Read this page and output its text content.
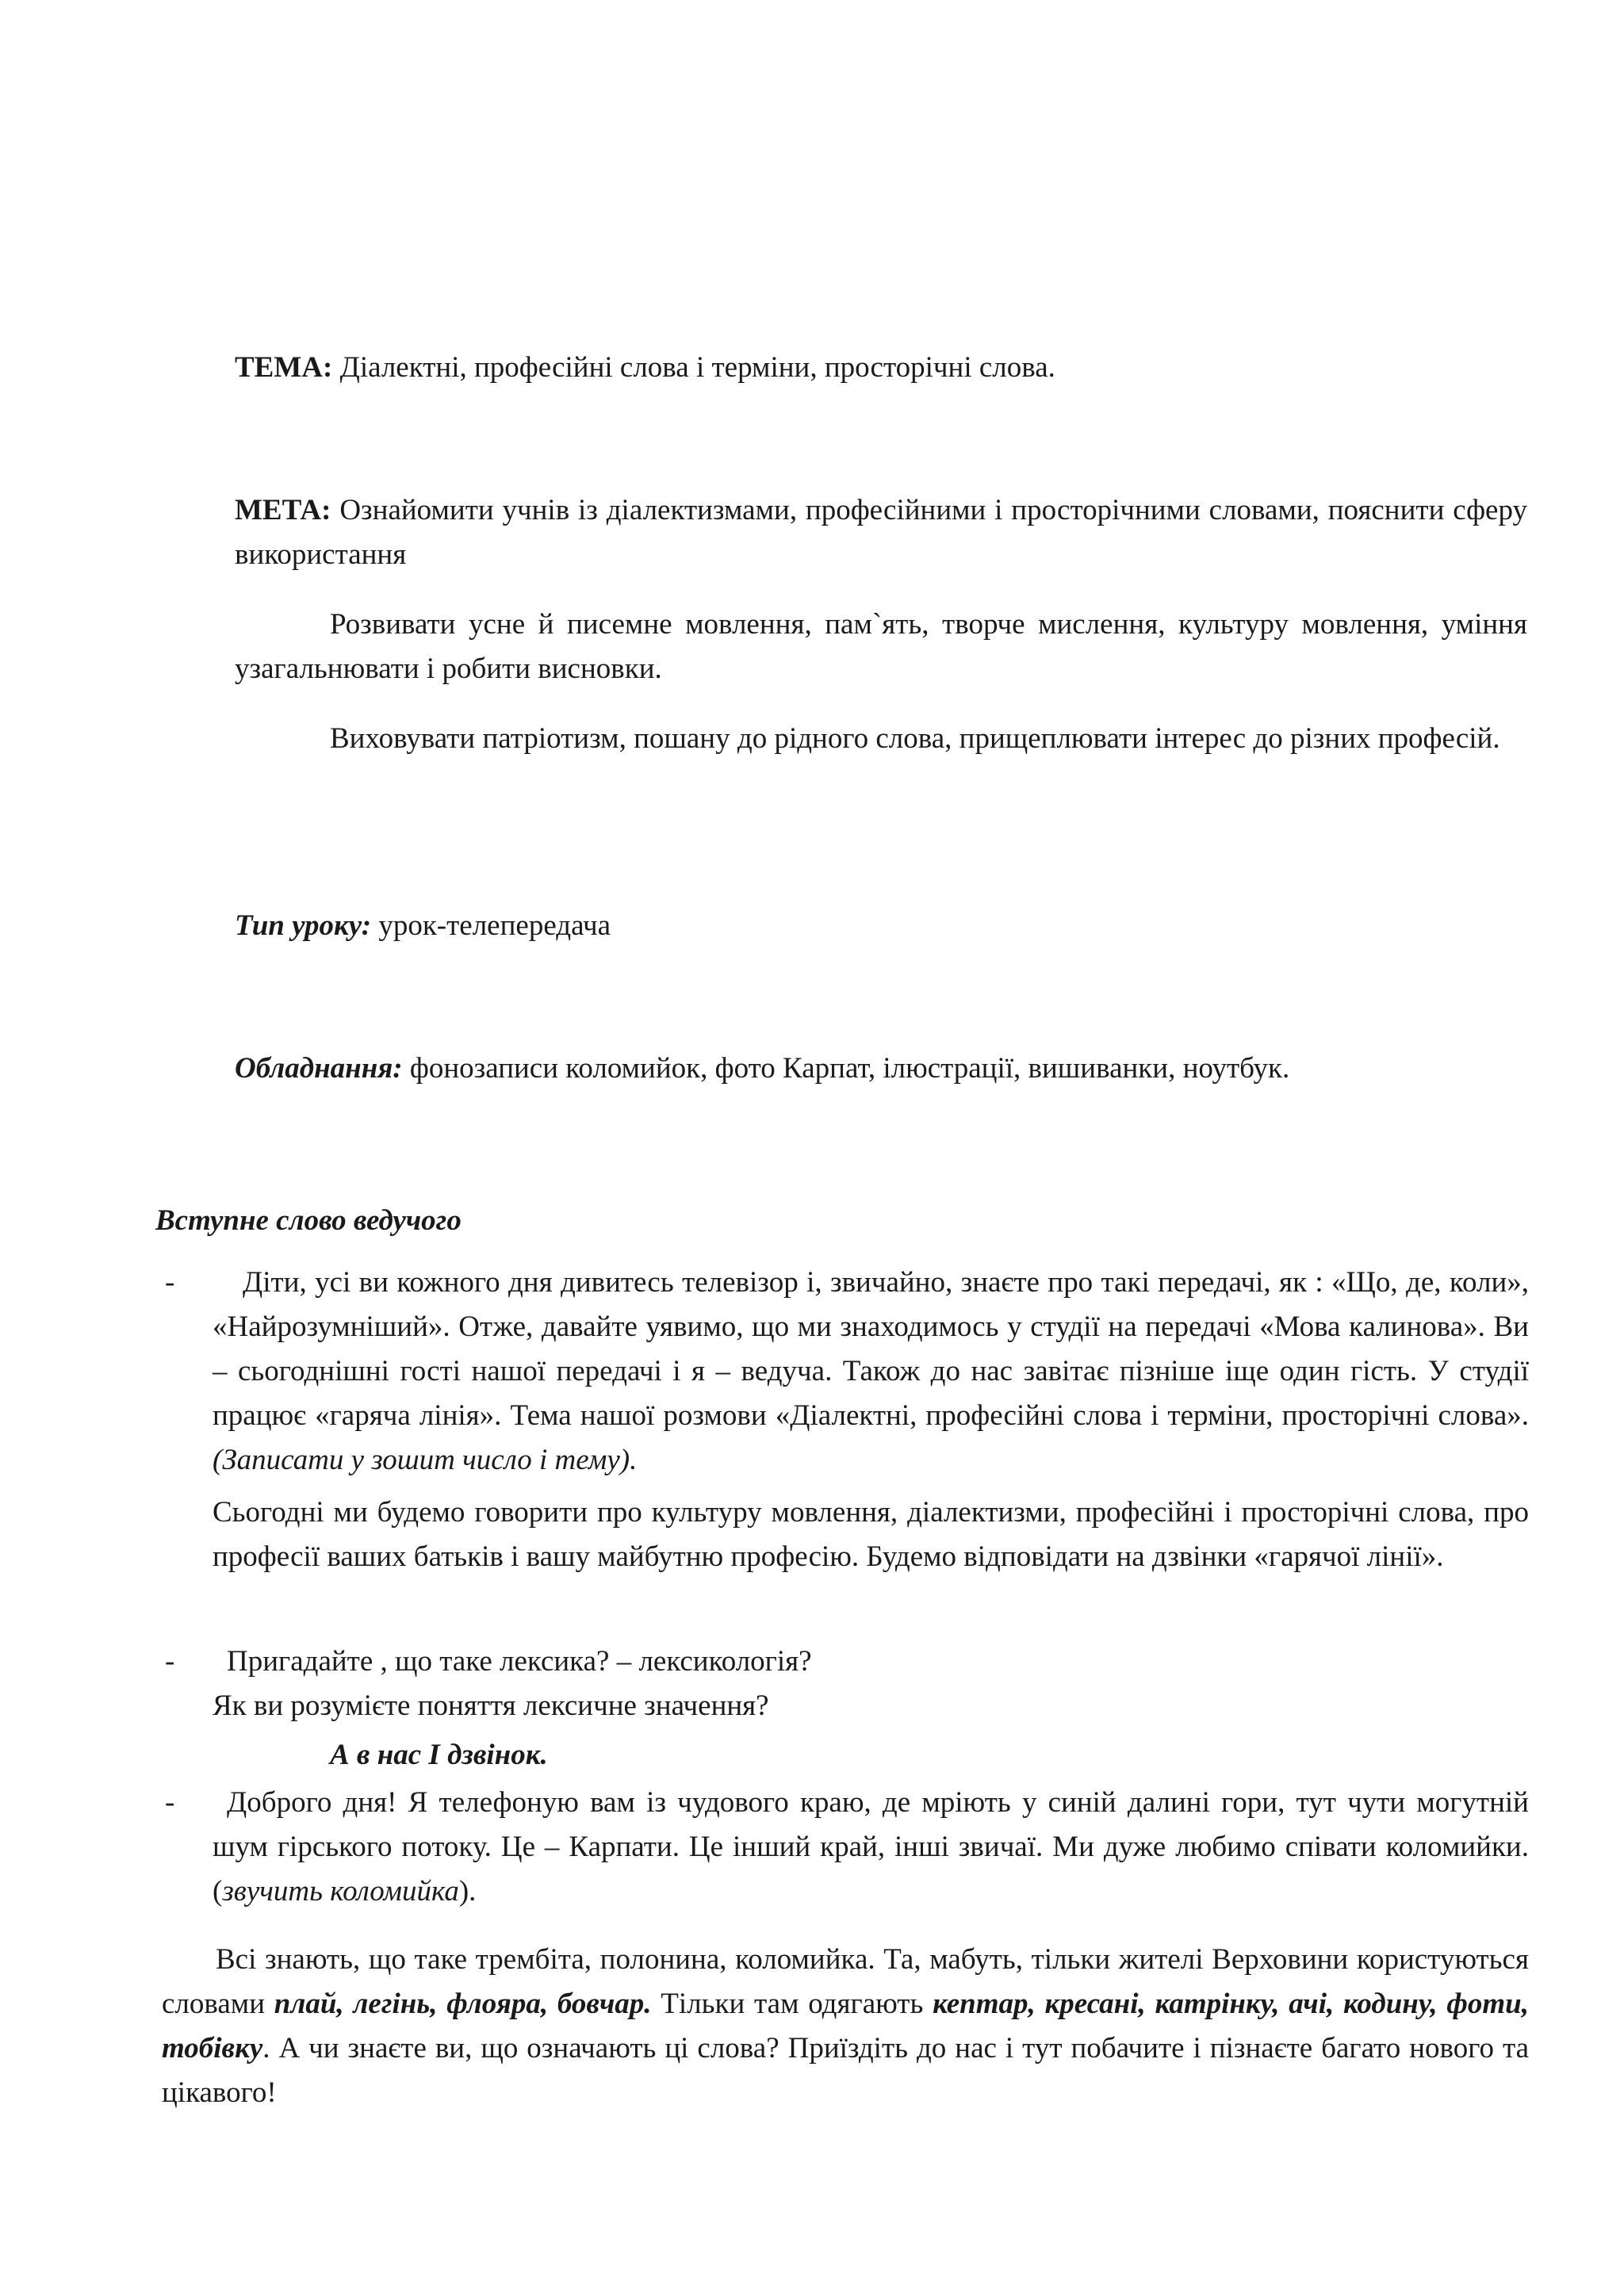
ТЕМА: Діалектні, професійні слова і терміни, просторічні слова.

МЕТА: Ознайомити учнів із діалектизмами, професійними і просторічними словами, пояснити сферу використання

Розвивати усне й писемне мовлення, пам`ять, творче мислення, культуру мовлення, уміння узагальнювати і робити висновки.

Виховувати патріотизм, пошану до рідного слова, прищеплювати інтерес до різних професій.

Тип уроку: урок-телепередача

Обладнання: фонозаписи коломийок, фото Карпат, ілюстрації, вишиванки, ноутбук.

Вступне слово ведучого

-	Діти, усі ви кожного дня дивитесь телевізор і, звичайно, знаєте про такі передачі, як : «Що, де, коли», «Найрозумніший». Отже, давайте уявимо, що ми знаходимось у студії на передачі «Мова калинова». Ви – сьогоднішні гості нашої передачі і я – ведуча. Також до нас завітає пізніше іще один гість. У студії працює «гаряча лінія». Тема нашої розмови «Діалектні, професійні слова і терміни, просторічні слова». (Записати у зошит число і тему).

Сьогодні ми будемо говорити про культуру мовлення, діалектизми, професійні і просторічні слова, про професії ваших батьків і вашу майбутню професію. Будемо відповідати на дзвінки «гарячої лінії».

- Пригадайте , що таке лексика? – лексикологія?

Як ви розумієте поняття лексичне значення?

А в нас І дзвінок.

-	Доброго дня! Я телефоную вам із чудового краю, де мріють у синій далині гори, тут чути могутній шум гірського потоку. Це – Карпати. Це інший край, інші звичаї. Ми дуже любимо співати коломийки. (звучить коломийка).

Всі знають, що таке трембіта, полонина, коломийка. Та, мабуть, тільки жителі Верховини користуються словами плай, легінь, флояра, бовчар. Тільки там одягають кептар, кресані, катрінку, ачі, кодину, фоти, тобівку. А чи знаєте ви, що означають ці слова? Приїздіть до нас і тут побачите і пізнаєте багато нового та цікавого!
